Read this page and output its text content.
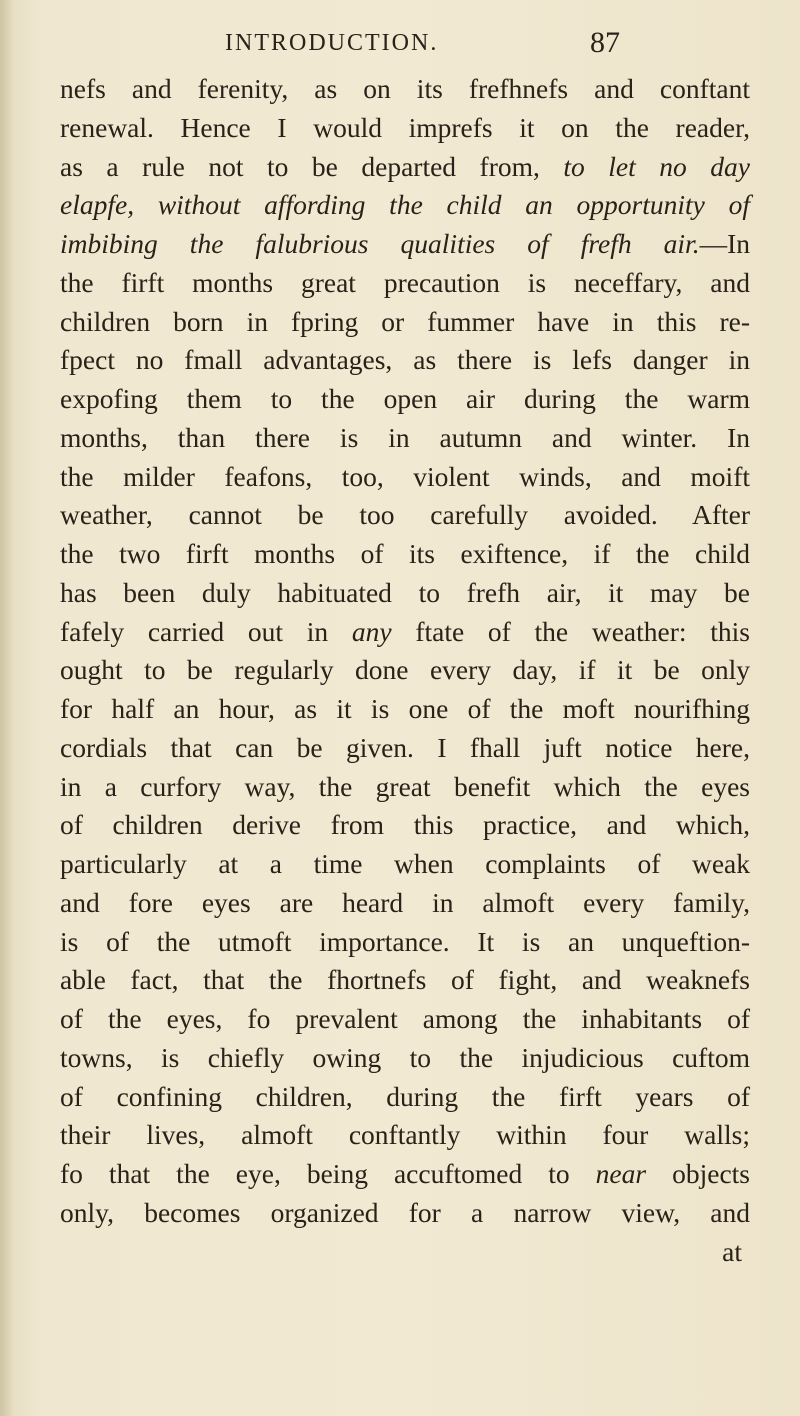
INTRODUCTION.	87
nefs and ferenity, as on its frefhnefs and conftant
renewal. Hence I would imprefs it on the reader,
as a rule not to be departed from, to let no day
elapfe, without affording the child an opportunity of
imbibing the falubrious qualities of frefh air.—In
the firft months great precaution is neceffary, and
children born in fpring or fummer have in this re-
fpect no fmall advantages, as there is lefs danger in
expofing them to the open air during the warm
months, than there is in autumn and winter. In
the milder feafons, too, violent winds, and moift
weather, cannot be too carefully avoided. After
the two firft months of its exiftence, if the child
has been duly habituated to frefh air, it may be
fafely carried out in any ftate of the weather: this
ought to be regularly done every day, if it be only
for half an hour, as it is one of the moft nourifhing
cordials that can be given. I fhall juft notice here,
in a curfory way, the great benefit which the eyes
of children derive from this practice, and which,
particularly at a time when complaints of weak
and fore eyes are heard in almoft every family,
is of the utmoft importance. It is an unqueftion-
able fact, that the fhortnefs of fight, and weaknefs
of the eyes, fo prevalent among the inhabitants of
towns, is chiefly owing to the injudicious cuftom
of confining children, during the firft years of
their lives, almoft conftantly within four walls;
fo that the eye, being accuftomed to near objects
only, becomes organized for a narrow view, and
at
